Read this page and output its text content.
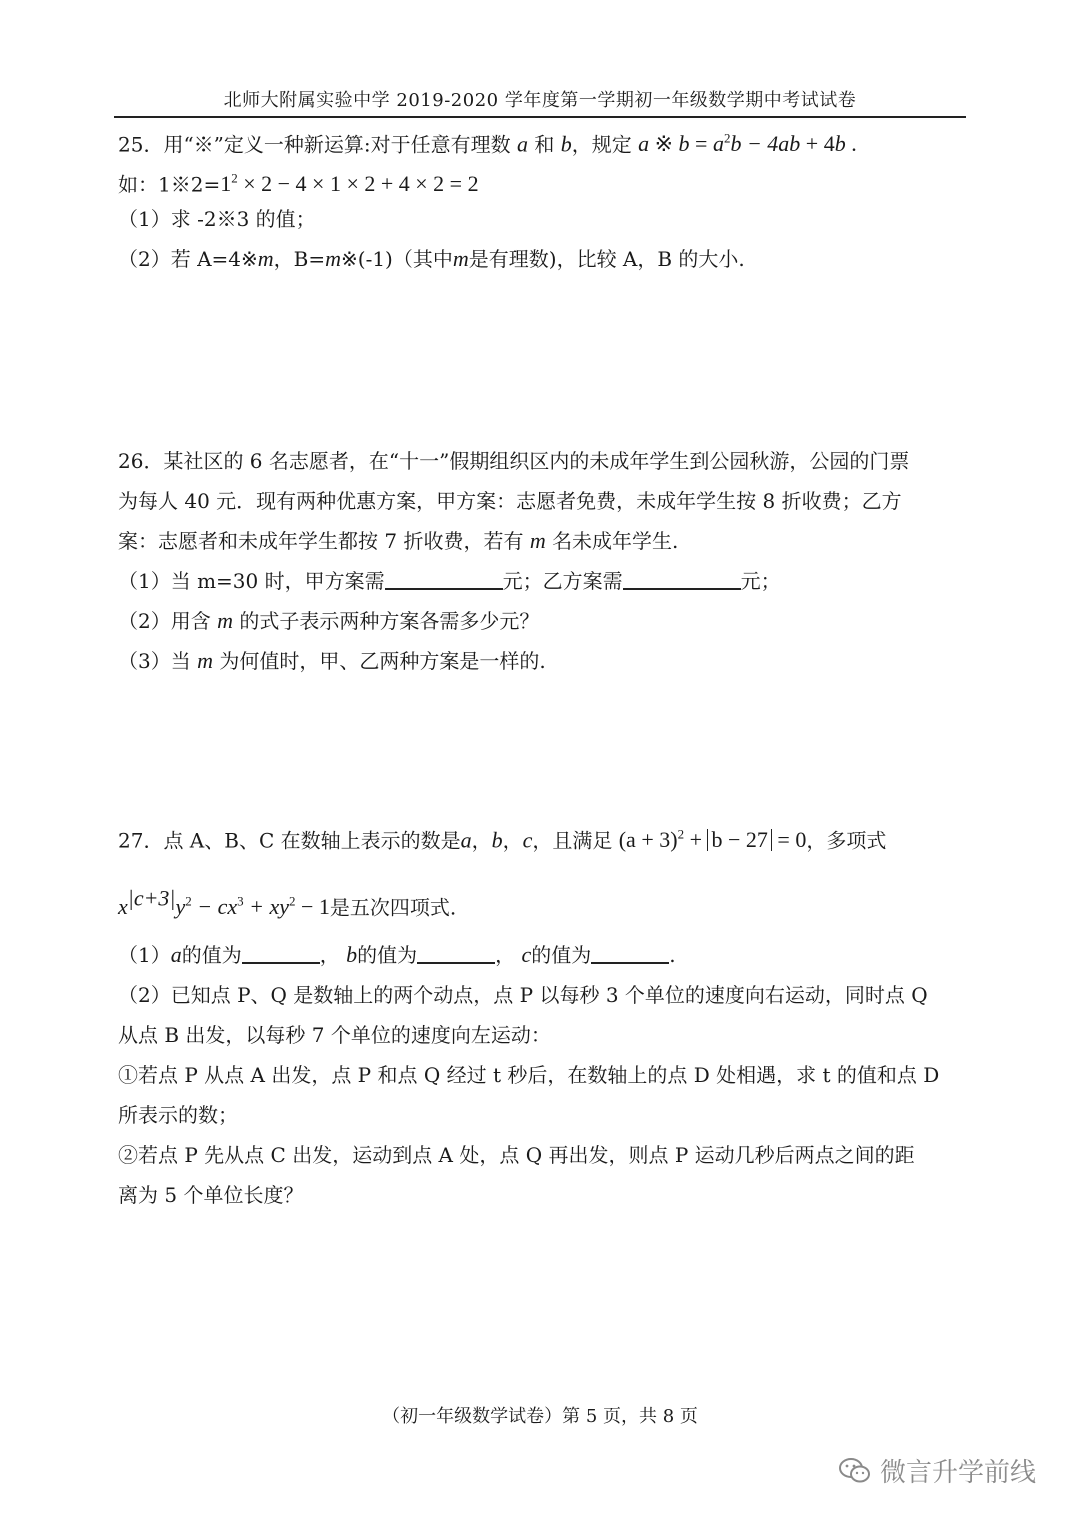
北师大附属实验中学 2019-2020 学年度第一学期初一年级数学期中考试试卷
25．用“※”定义一种新运算:对于任意有理数 a 和 b，规定 a ※ $b = a^2b - 4ab + 4b$ .
如：$1※2=1^2 \times 2 - 4 \times 1 \times 2 + 4 \times 2 = 2$
（1）求 -2※3 的值；
（2）若 A=4※m，B=m※(-1)（其中m是有理数)，比较 A，B 的大小.
26．某社区的 6 名志愿者，在“十一”假期组织区内的未成年学生到公园秋游，公园的门票
为每人 40 元．现有两种优惠方案，甲方案：志愿者免费，未成年学生按 8 折收费；乙方
案：志愿者和未成年学生都按 7 折收费，若有 m 名未成年学生.
（1）当 m=30 时，甲方案需	元；乙方案需	元；
（2）用含 m 的式子表示两种方案各需多少元？
（3）当 m 为何值时，甲、乙两种方案是一样的.
27．点 A、B、C 在数轴上表示的数是a，b，c，且满足 $(a + 3)^2 + b - 27 = 0$，多项式
$x^{|c+3|}y^2 - cx^3 + xy^2 - 1$是五次四项式.
（1）a的值为	， b的值为	， c的值为	.
（2）已知点 P、Q 是数轴上的两个动点，点 P 以每秒 3 个单位的速度向右运动，同时点 Q
从点 B 出发，以每秒 7 个单位的速度向左运动：
①若点 P 从点 A 出发，点 P 和点 Q 经过 t 秒后，在数轴上的点 D 处相遇，求 t 的值和点 D
所表示的数；
②若点 P 先从点 C 出发，运动到点 A 处，点 Q 再出发，则点 P 运动几秒后两点之间的距
离为 5 个单位长度？
（初一年级数学试卷）第 5 页，共 8 页
微言升学前线
